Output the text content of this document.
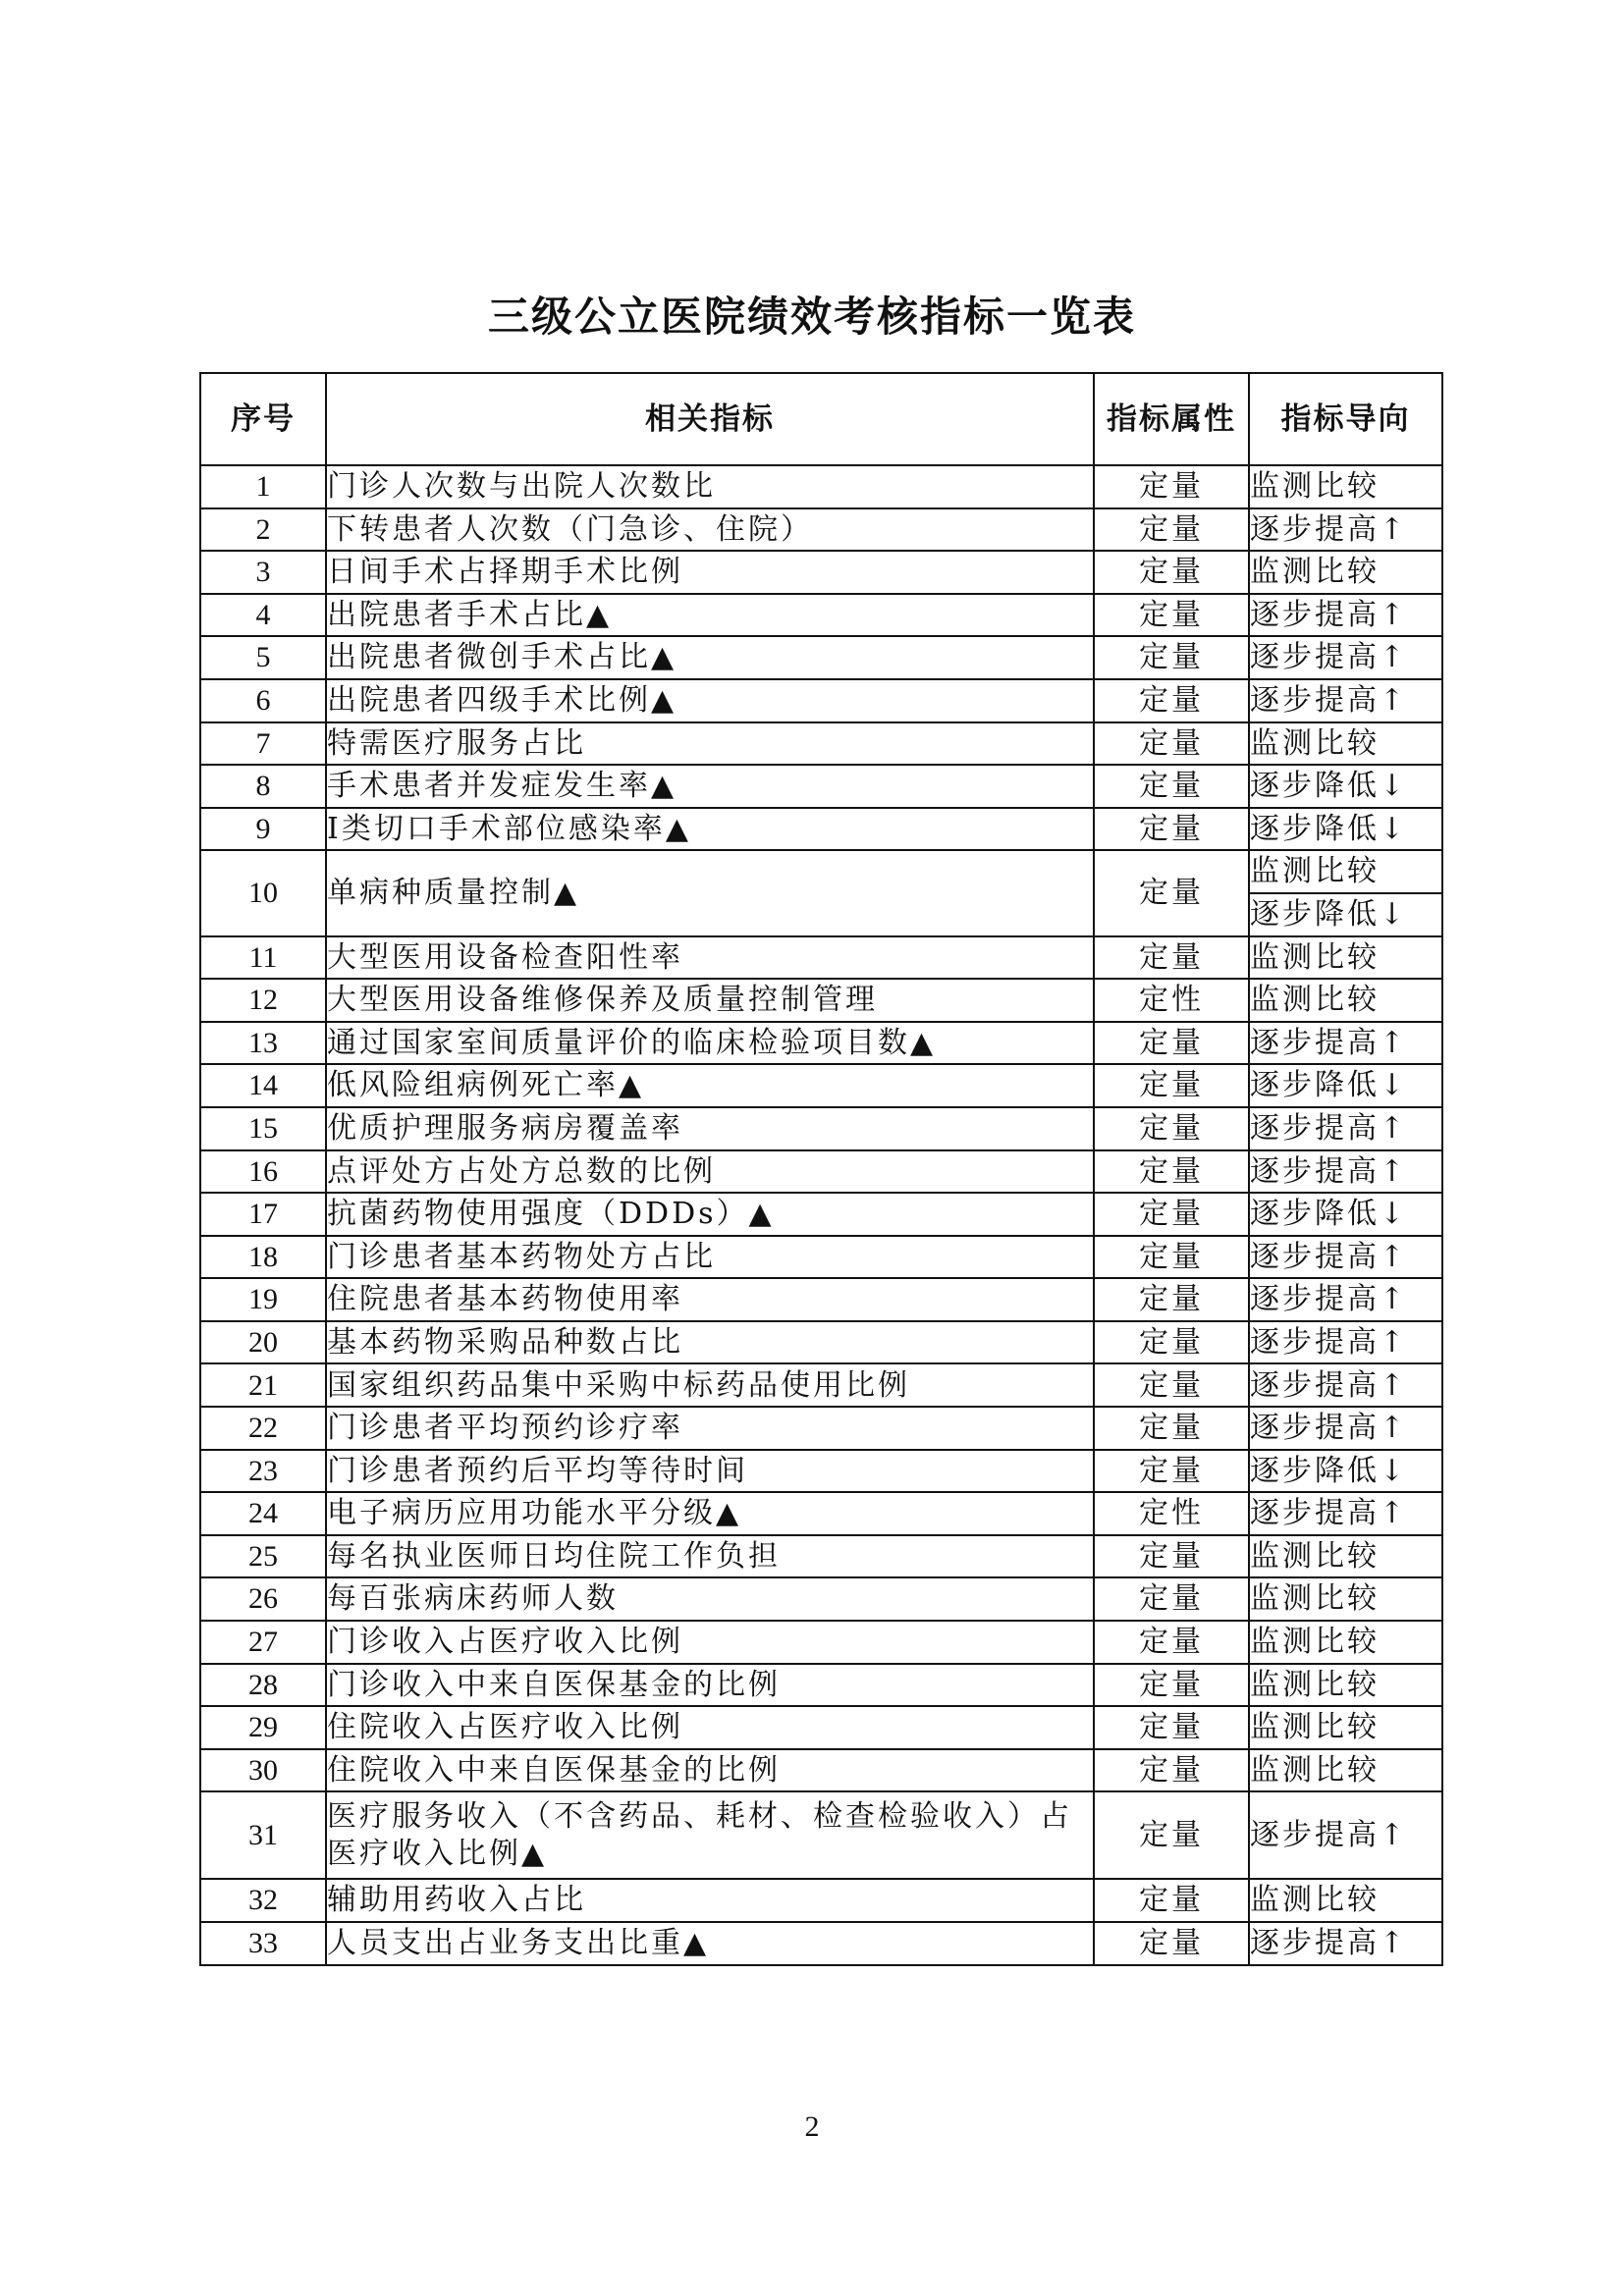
三级公立医院绩效考核指标一览表
序号	相关指标	指标属性	指标导向
1	门诊人次数与出院人次数比	定量	监测比较
2	下转患者人次数（门急诊、住院）	定量	逐步提高↑
3	日间手术占择期手术比例	定量	监测比较
4	出院患者手术占比▲	定量	逐步提高↑
5	出院患者微创手术占比▲	定量	逐步提高↑
6	出院患者四级手术比例▲	定量	逐步提高↑
7	特需医疗服务占比	定量	监测比较
8	手术患者并发症发生率▲	定量	逐步降低↓
9	I类切口手术部位感染率▲	定量	逐步降低↓
10	单病种质量控制▲	定量	监测比较
			逐步降低↓
11	大型医用设备检查阳性率	定量	监测比较
12	大型医用设备维修保养及质量控制管理	定性	监测比较
13	通过国家室间质量评价的临床检验项目数▲	定量	逐步提高↑
14	低风险组病例死亡率▲	定量	逐步降低↓
15	优质护理服务病房覆盖率	定量	逐步提高↑
16	点评处方占处方总数的比例	定量	逐步提高↑
17	抗菌药物使用强度（DDDs）▲	定量	逐步降低↓
18	门诊患者基本药物处方占比	定量	逐步提高↑
19	住院患者基本药物使用率	定量	逐步提高↑
20	基本药物采购品种数占比	定量	逐步提高↑
21	国家组织药品集中采购中标药品使用比例	定量	逐步提高↑
22	门诊患者平均预约诊疗率	定量	逐步提高↑
23	门诊患者预约后平均等待时间	定量	逐步降低↓
24	电子病历应用功能水平分级▲	定性	逐步提高↑
25	每名执业医师日均住院工作负担	定量	监测比较
26	每百张病床药师人数	定量	监测比较
27	门诊收入占医疗收入比例	定量	监测比较
28	门诊收入中来自医保基金的比例	定量	监测比较
29	住院收入占医疗收入比例	定量	监测比较
30	住院收入中来自医保基金的比例	定量	监测比较
31	医疗服务收入（不含药品、耗材、检查检验收入）占医疗收入比例▲	定量	逐步提高↑
32	辅助用药收入占比	定量	监测比较
33	人员支出占业务支出比重▲	定量	逐步提高↑
2
